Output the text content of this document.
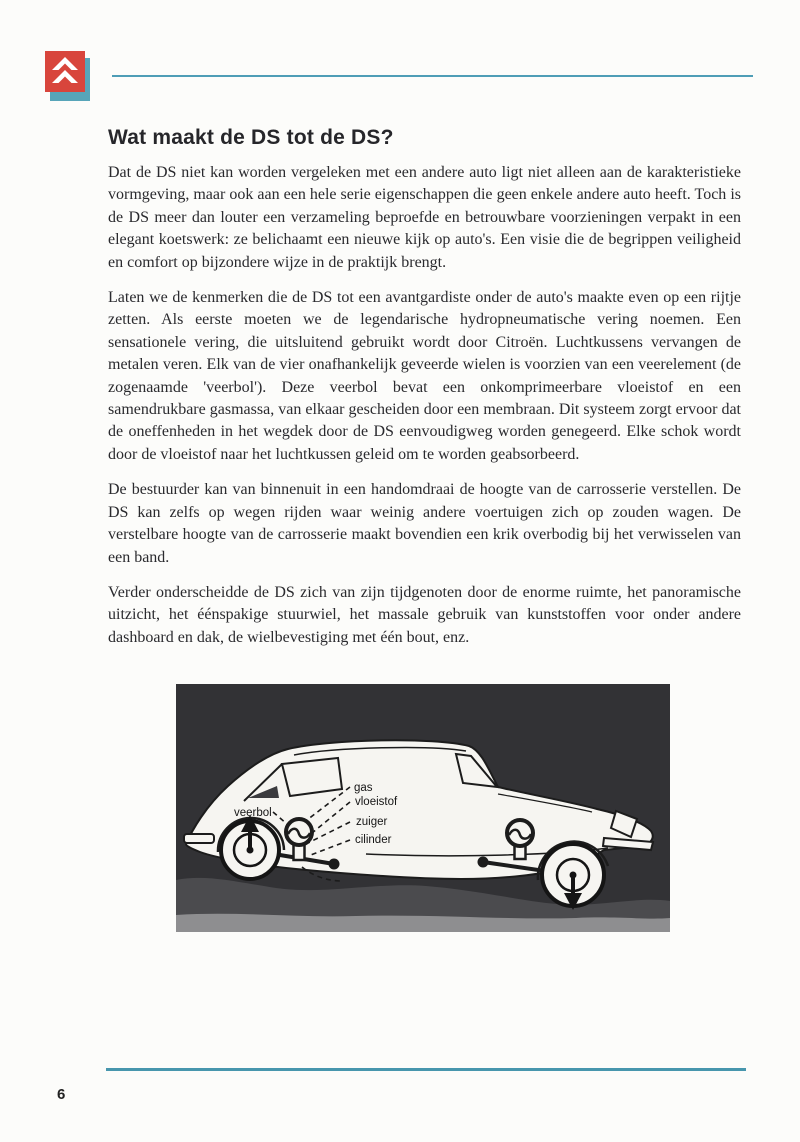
Wat maakt de DS tot de DS?

Dat de DS niet kan worden vergeleken met een andere auto ligt niet alleen aan de karakteristieke vormgeving, maar ook aan een hele serie eigenschappen die geen enkele andere auto heeft. Toch is de DS meer dan louter een verzameling beproefde en betrouwbare voorzieningen verpakt in een elegant koetswerk: ze belichaamt een nieuwe kijk op auto's. Een visie die de begrippen veiligheid en comfort op bijzondere wijze in de praktijk brengt.

Laten we de kenmerken die de DS tot een avantgardiste onder de auto's maakte even op een rijtje zetten. Als eerste moeten we de legendarische hydropneumatische vering noemen. Een sensationele vering, die uitsluitend gebruikt wordt door Citroën. Luchtkussens vervangen de metalen veren. Elk van de vier onafhankelijk geveerde wielen is voorzien van een veerelement (de zogenaamde 'veerbol'). Deze veerbol bevat een onkomprimeerbare vloeistof en een samendrukbare gasmassa, van elkaar gescheiden door een membraan. Dit systeem zorgt ervoor dat de oneffenheden in het wegdek door de DS eenvoudigweg worden genegeerd. Elke schok wordt door de vloeistof naar het luchtkussen geleid om te worden geabsorbeerd.

De bestuurder kan van binnenuit in een handomdraai de hoogte van de carrosserie verstellen. De DS kan zelfs op wegen rijden waar weinig andere voertuigen zich op zouden wagen. De verstelbare hoogte van de carrosserie maakt bovendien een krik overbodig bij het verwisselen van een band.

Verder onderscheidde de DS zich van zijn tijdgenoten door de enorme ruimte, het panoramische uitzicht, het éénspakige stuurwiel, het massale gebruik van kunststoffen voor onder andere dashboard en dak, de wielbevestiging met één bout, enz.

veerbol
gas
vloeistof
zuiger
cilinder
6
